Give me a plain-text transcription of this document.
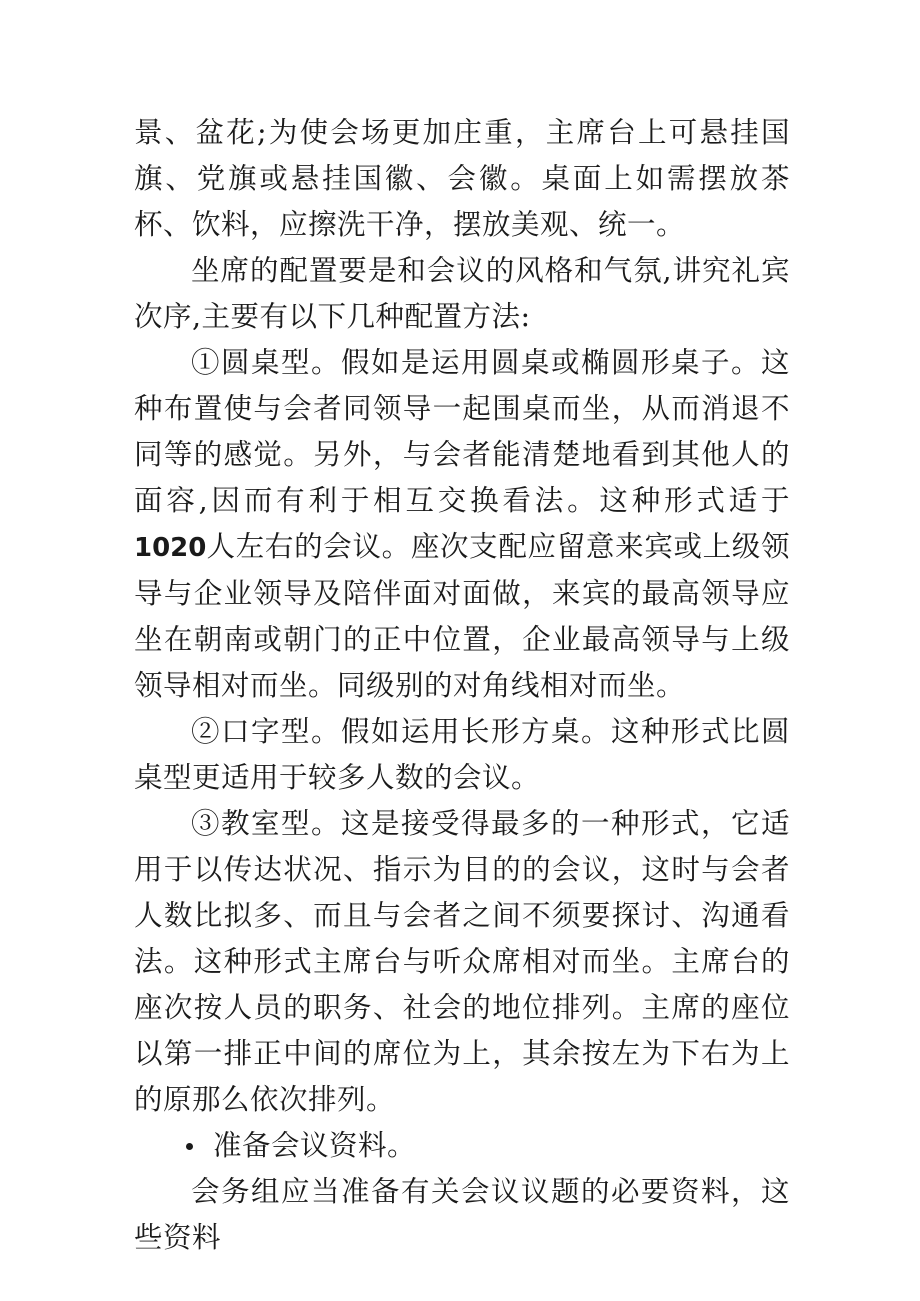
景、盆花;为使会场更加庄重，主席台上可悬挂国旗、党旗或悬挂国徽、会徽。桌面上如需摆放茶杯、饮料，应擦洗干净，摆放美观、统一。

坐席的配置要是和会议的风格和气氛,讲究礼宾次序,主要有以下几种配置方法:

①圆桌型。假如是运用圆桌或椭圆形桌子。这种布置使与会者同领导一起围桌而坐，从而消退不同等的感觉。另外，与会者能清楚地看到其他人的面容,因而有利于相互交换看法。这种形式适于1020人左右的会议。座次支配应留意来宾或上级领导与企业领导及陪伴面对面做，来宾的最高领导应坐在朝南或朝门的正中位置，企业最高领导与上级领导相对而坐。同级别的对角线相对而坐。

②口字型。假如运用长形方桌。这种形式比圆桌型更适用于较多人数的会议。

③教室型。这是接受得最多的一种形式，它适用于以传达状况、指示为目的的会议，这时与会者人数比拟多、而且与会者之间不须要探讨、沟通看法。这种形式主席台与听众席相对而坐。主席台的座次按人员的职务、社会的地位排列。主席的座位以第一排正中间的席位为上，其余按左为下右为上的原那么依次排列。

准备会议资料。

会务组应当准备有关会议议题的必要资料，这些资料
